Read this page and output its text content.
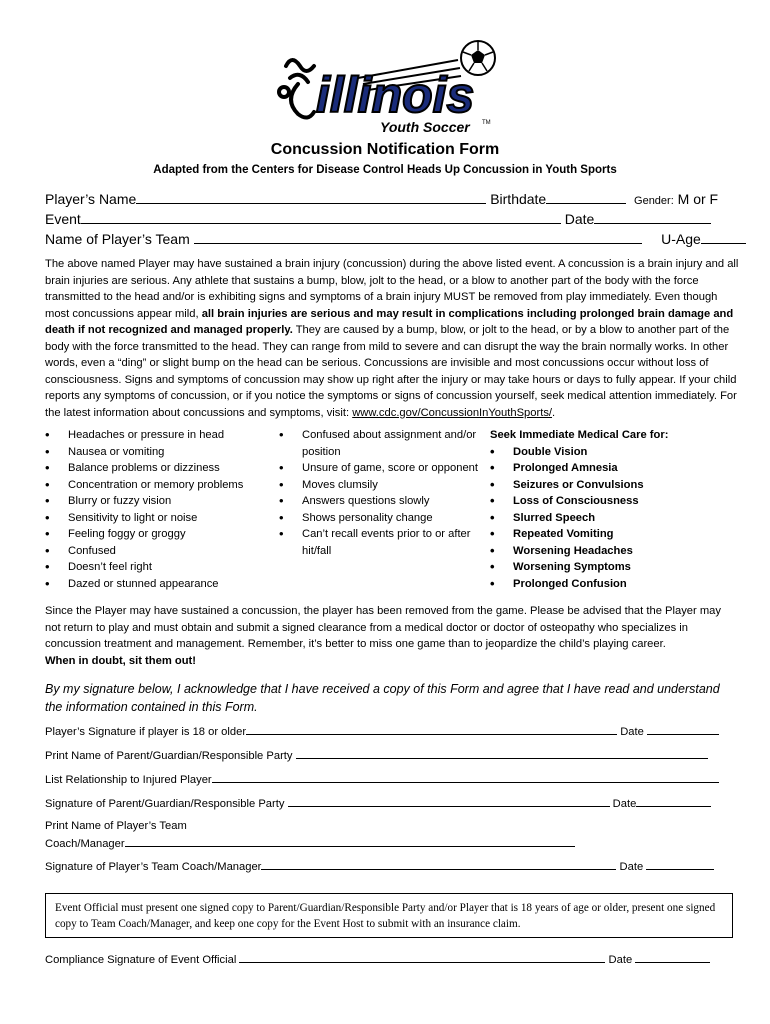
illinois
Youth Soccer TM
Concussion Notification Form
Adapted from the Centers for Disease Control Heads Up Concussion in Youth Sports
Player’s Name	Birthdate	Gender: M or F
Event	Date
Name of Player’s Team	U-Age
The above named Player may have sustained a brain injury (concussion) during the above listed event. A concussion is a brain injury and all brain injuries are serious. Any athlete that sustains a bump, blow, jolt to the head, or a blow to another part of the body with the force transmitted to the head and/or is exhibiting signs and symptoms of a brain injury MUST be removed from play immediately. Even though most concussions appear mild, all brain injuries are serious and may result in complications including prolonged brain damage and death if not recognized and managed properly. They are caused by a bump, blow, or jolt to the head, or by a blow to another part of the body with the force transmitted to the head. They can range from mild to severe and can disrupt the way the brain normally works. In other words, even a “ding” or slight bump on the head can be serious. Concussions are invisible and most concussions occur without loss of consciousness. Signs and symptoms of concussion may show up right after the injury or may take hours or days to fully appear. If your child reports any symptoms of concussion, or if you notice the symptoms or signs of concussion yourself, seek medical attention immediately. For the latest information about concussions and symptoms, visit: www.cdc.gov/ConcussionInYouthSports/.
• Headaches or pressure in head
• Nausea or vomiting
• Balance problems or dizziness
• Concentration or memory problems
• Blurry or fuzzy vision
• Sensitivity to light or noise
• Feeling foggy or groggy
• Confused
• Doesn’t feel right
• Dazed or stunned appearance
• Confused about assignment and/or position
• Unsure of game, score or opponent
• Moves clumsily
• Answers questions slowly
• Shows personality change
• Can’t recall events prior to or after hit/fall
Seek Immediate Medical Care for:
• Double Vision
• Prolonged Amnesia
• Seizures or Convulsions
• Loss of Consciousness
• Slurred Speech
• Repeated Vomiting
• Worsening Headaches
• Worsening Symptoms
• Prolonged Confusion
Since the Player may have sustained a concussion, the player has been removed from the game. Please be advised that the Player may not return to play and must obtain and submit a signed clearance from a medical doctor or doctor of osteopathy who specializes in concussion treatment and management. Remember, it’s better to miss one game than to jeopardize the child’s playing career.
When in doubt, sit them out!
By my signature below, I acknowledge that I have received a copy of this Form and agree that I have read and understand the information contained in this Form.
Player’s Signature if player is 18 or older	Date
Print Name of Parent/Guardian/Responsible Party
List Relationship to Injured Player
Signature of Parent/Guardian/Responsible Party	Date
Print Name of Player’s Team
Coach/Manager
Signature of Player’s Team Coach/Manager	Date
Event Official must present one signed copy to Parent/Guardian/Responsible Party and/or Player that is 18 years of age or older, present one signed copy to Team Coach/Manager, and keep one copy for the Event Host to submit with an insurance claim.
Compliance Signature of Event Official	Date
